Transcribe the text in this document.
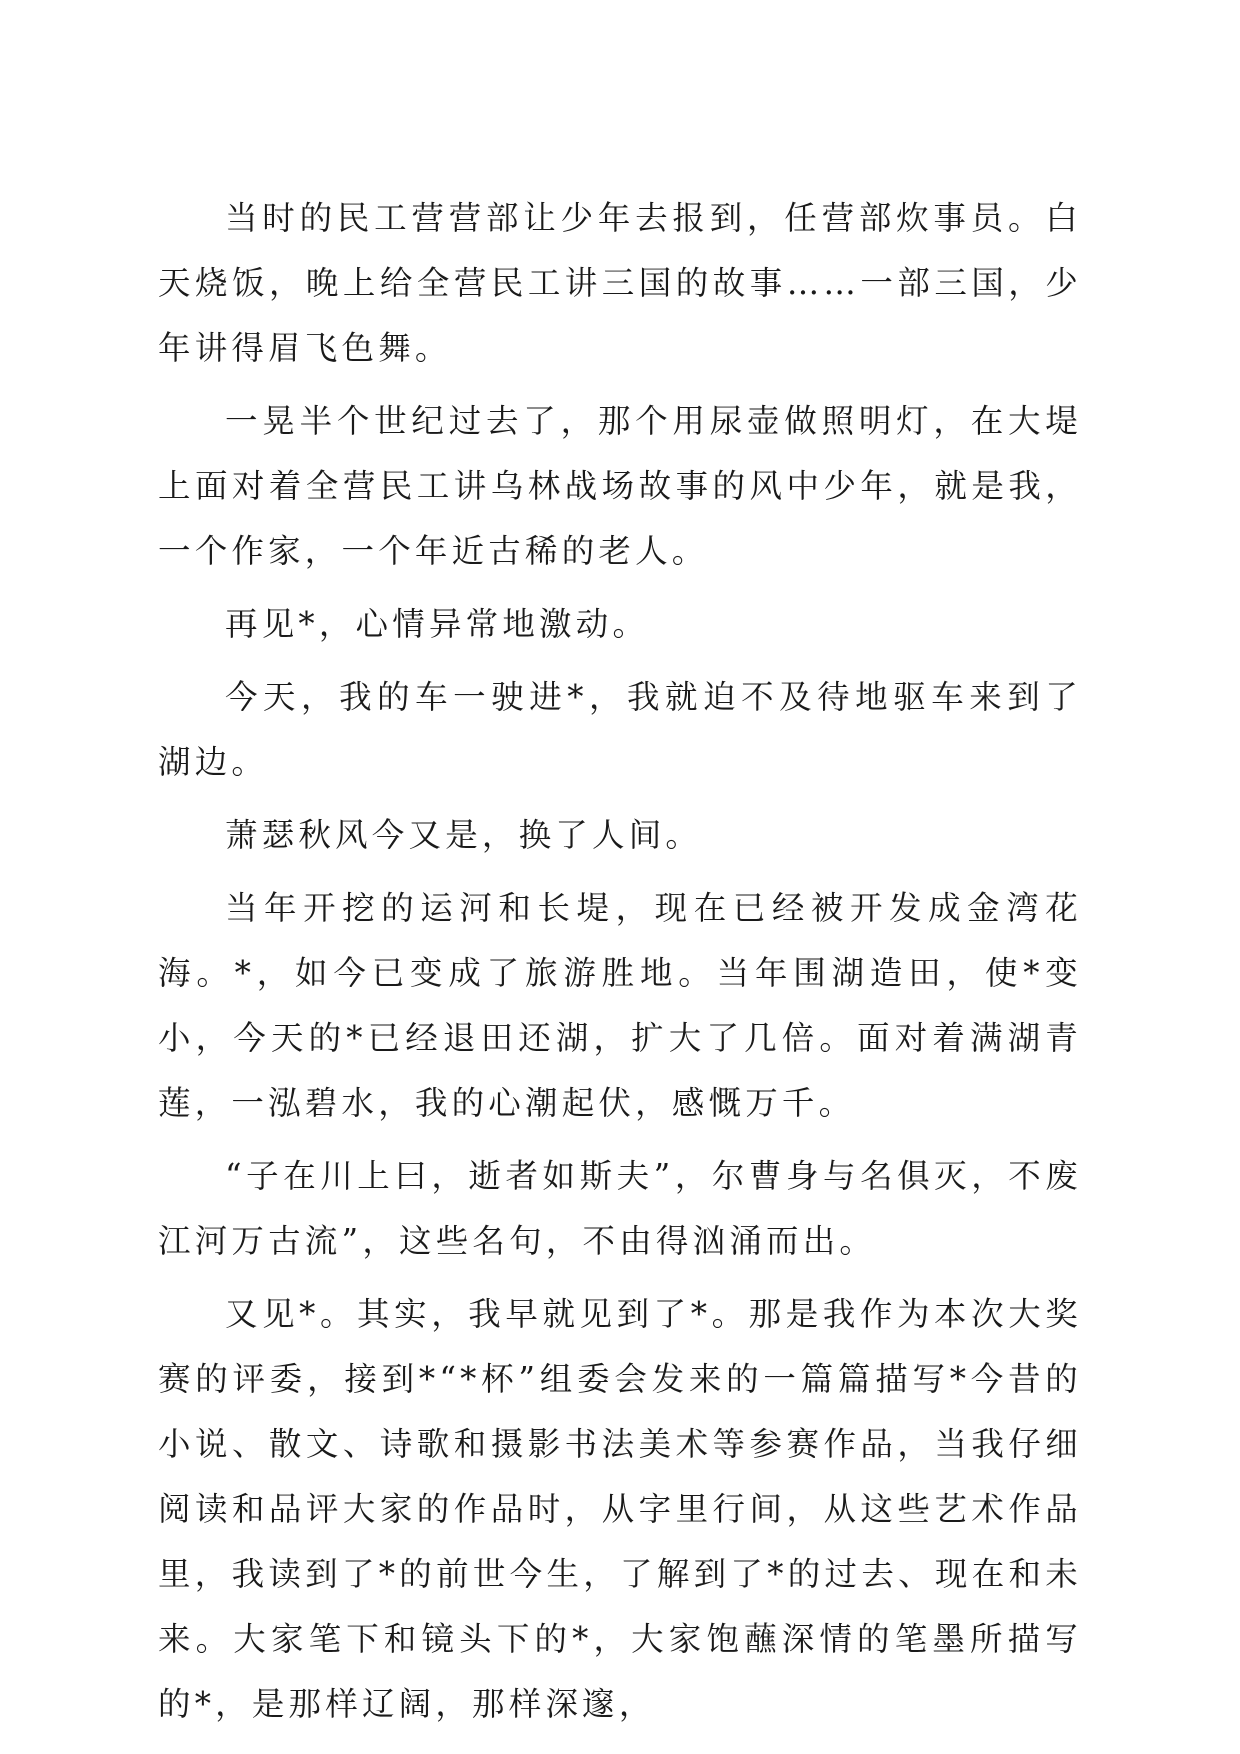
当时的民工营营部让少年去报到，任营部炊事员。白天烧饭，晚上给全营民工讲三国的故事……一部三国，少年讲得眉飞色舞。

一晃半个世纪过去了，那个用尿壶做照明灯，在大堤上面对着全营民工讲乌林战场故事的风中少年，就是我，一个作家，一个年近古稀的老人。

再见*，心情异常地激动。

今天，我的车一驶进*，我就迫不及待地驱车来到了湖边。

萧瑟秋风今又是，换了人间。

当年开挖的运河和长堤，现在已经被开发成金湾花海。*，如今已变成了旅游胜地。当年围湖造田，使*变小，今天的*已经退田还湖，扩大了几倍。面对着满湖青莲，一泓碧水，我的心潮起伏，感慨万千。

“子在川上曰，逝者如斯夫”，尔曹身与名俱灭，不废江河万古流”，这些名句，不由得汹涌而出。

又见*。其实，我早就见到了*。那是我作为本次大奖赛的评委，接到*“*杯”组委会发来的一篇篇描写*今昔的小说、散文、诗歌和摄影书法美术等参赛作品，当我仔细阅读和品评大家的作品时，从字里行间，从这些艺术作品里，我读到了*的前世今生，了解到了*的过去、现在和未来。大家笔下和镜头下的*，大家饱蘸深情的笔墨所描写的*，是那样辽阔，那样深邃，
